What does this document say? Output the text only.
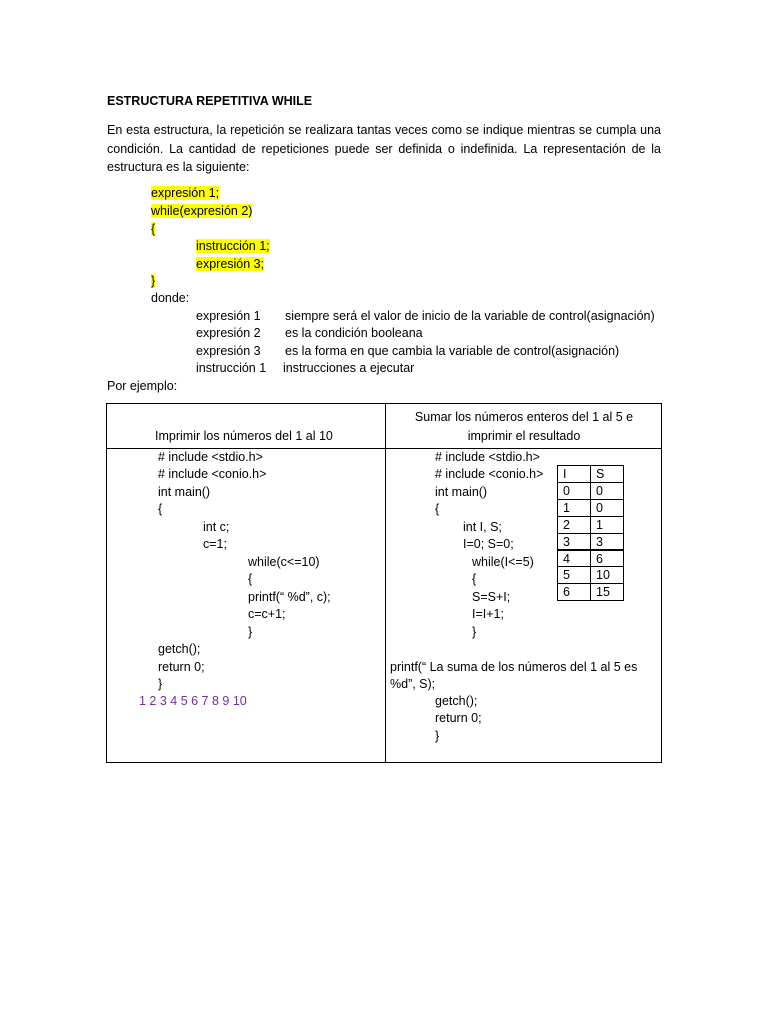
ESTRUCTURA REPETITIVA WHILE
En esta estructura, la repetición se realizara tantas veces como se indique mientras se cumpla una condición. La cantidad de repeticiones puede ser definida o indefinida. La representación de la estructura es la siguiente:
expresión 1;
while(expresión 2)
{
instrucción 1;
expresión 3;
}
donde:
expresión 1 siempre será el valor de inicio de la variable de control(asignación)
expresión 2 es la condición booleana
expresión 3 es la forma en que cambia la variable de control(asignación)
instrucción 1 instrucciones a ejecutar
Por ejemplo:
Imprimir los números del 1 al 10
Sumar los números enteros del 1 al 5 e
imprimir el resultado
# include <stdio.h>
# include <conio.h>
int main()
{
int c;
c=1;
while(c<=10)
{
printf(“ %d”, c);
c=c+1;
}
getch();
return 0;
}
1 2 3 4 5 6 7 8 9 10
# include <stdio.h>
# include <conio.h>
int main()
{
int I, S;
I=0; S=0;
while(I<=5)
{
S=S+I;
I=I+1;
}
printf(“ La suma de los números del 1 al 5 es
%d”, S);
getch();
return 0;
}
I	S
0	0
1	0
2	1
3	3
4	6
5	10
6	15
